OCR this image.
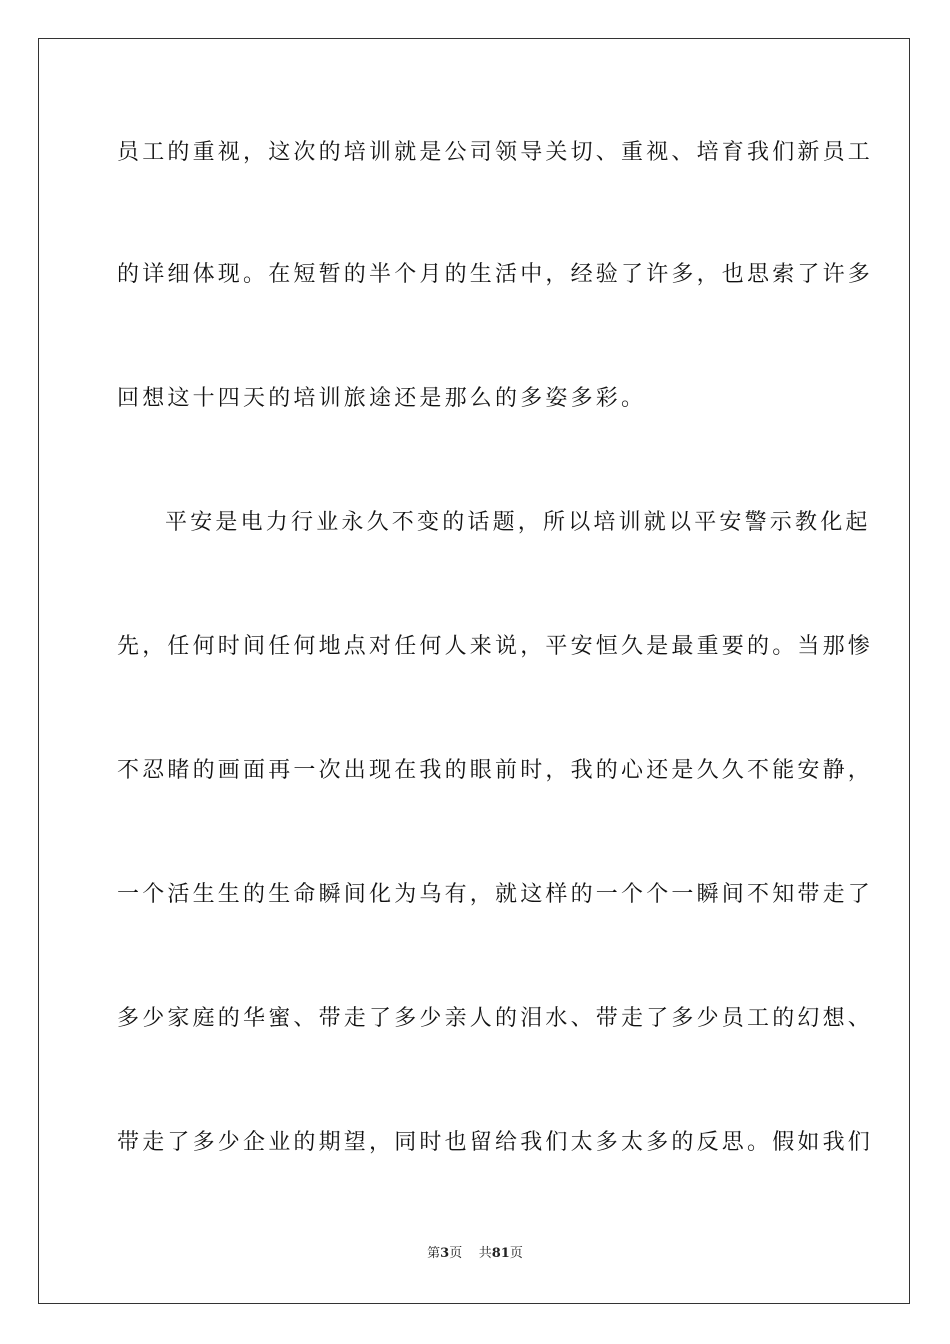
员工的重视，这次的培训就是公司领导关切、重视、培育我们新员工
的详细体现。在短暂的半个月的生活中，经验了许多，也思索了许多
回想这十四天的培训旅途还是那么的多姿多彩。
平安是电力行业永久不变的话题，所以培训就以平安警示教化起
先，任何时间任何地点对任何人来说，平安恒久是最重要的。当那惨
不忍睹的画面再一次出现在我的眼前时，我的心还是久久不能安静，
一个活生生的生命瞬间化为乌有，就这样的一个个一瞬间不知带走了
多少家庭的华蜜、带走了多少亲人的泪水、带走了多少员工的幻想、
带走了多少企业的期望，同时也留给我们太多太多的反思。假如我们
第3页 共81页
